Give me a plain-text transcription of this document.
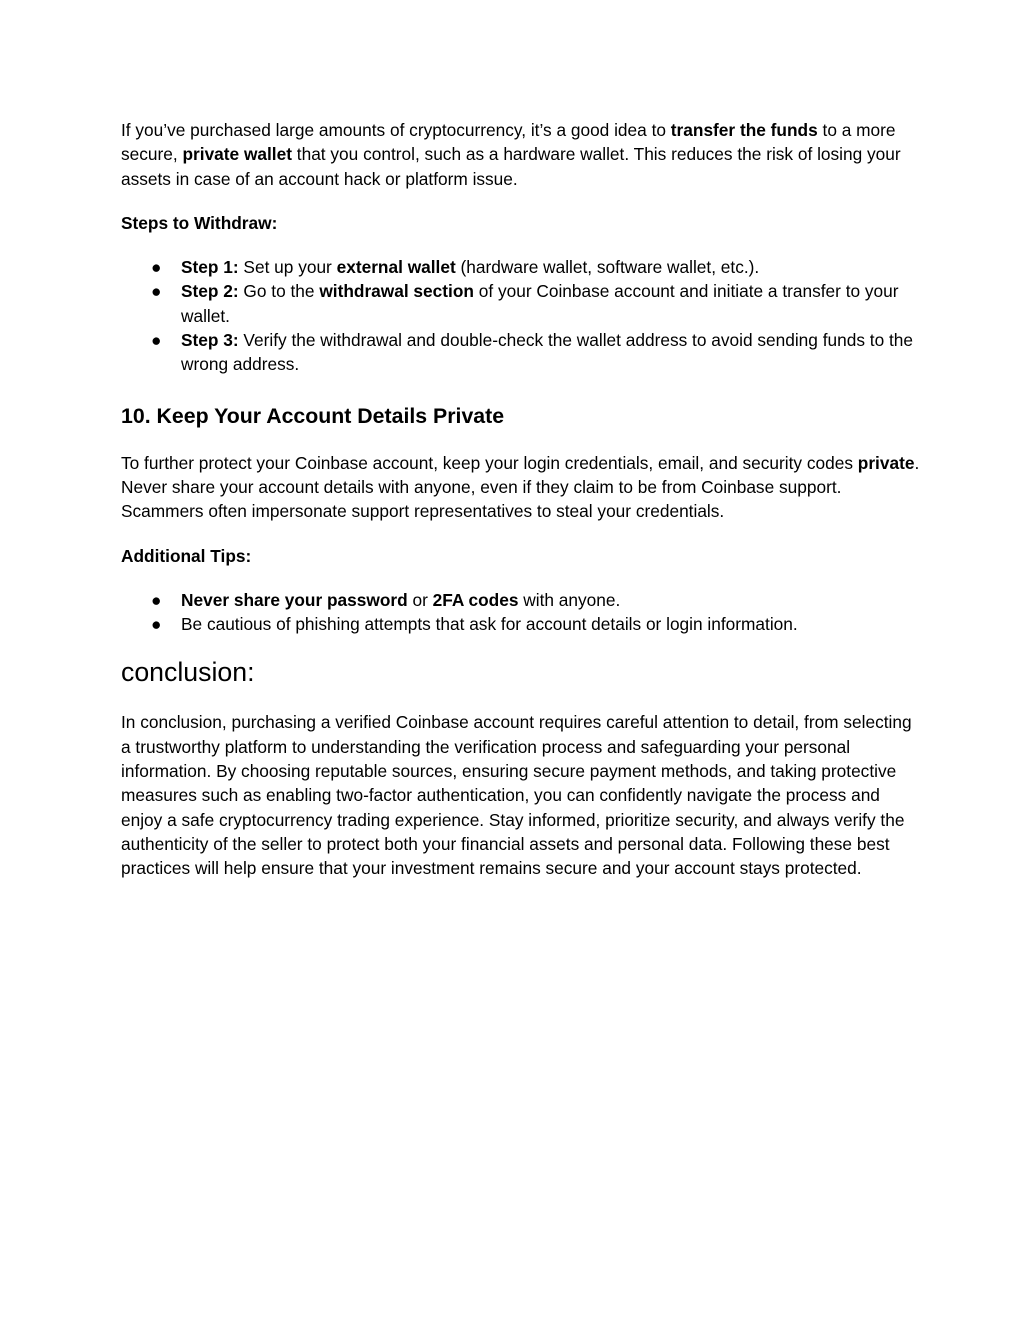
If you’ve purchased large amounts of cryptocurrency, it’s a good idea to transfer the funds to a more secure, private wallet that you control, such as a hardware wallet. This reduces the risk of losing your assets in case of an account hack or platform issue.

Steps to Withdraw:

● Step 1: Set up your external wallet (hardware wallet, software wallet, etc.).
● Step 2: Go to the withdrawal section of your Coinbase account and initiate a transfer to your wallet.
● Step 3: Verify the withdrawal and double-check the wallet address to avoid sending funds to the wrong address.
10. Keep Your Account Details Private

To further protect your Coinbase account, keep your login credentials, email, and security codes private. Never share your account details with anyone, even if they claim to be from Coinbase support. Scammers often impersonate support representatives to steal your credentials.

Additional Tips:

● Never share your password or 2FA codes with anyone.
● Be cautious of phishing attempts that ask for account details or login information.
conclusion:

In conclusion, purchasing a verified Coinbase account requires careful attention to detail, from selecting a trustworthy platform to understanding the verification process and safeguarding your personal information. By choosing reputable sources, ensuring secure payment methods, and taking protective measures such as enabling two-factor authentication, you can confidently navigate the process and enjoy a safe cryptocurrency trading experience. Stay informed, prioritize security, and always verify the authenticity of the seller to protect both your financial assets and personal data. Following these best practices will help ensure that your investment remains secure and your account stays protected.
